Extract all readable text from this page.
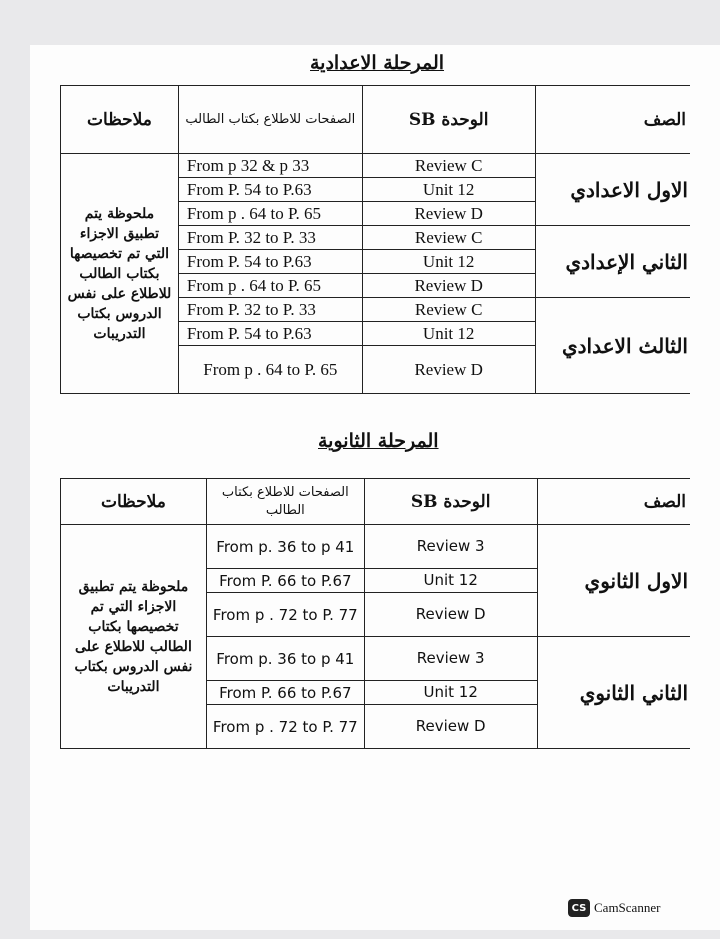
المرحلة الاعدادية
ملاحظات	الصفحات للاطلاع بكتاب الطالب	الوحدة SB	الصف
ملحوظة يتم تطبيق الاجزاء التي تم تخصيصها بكتاب الطالب للاطلاع على نفس الدروس بكتاب التدريبات	From p 32 & p 33	Review C	الاول الاعدادي
	From P. 54 to P.63	Unit 12	
	From p . 64 to P. 65	Review D	
	From P. 32 to P. 33	Review C	الثاني الإعدادي
	From P. 54 to P.63	Unit 12	
	From p . 64 to P. 65	Review D	
	From P. 32 to P. 33	Review C	الثالث الاعدادي
	From P. 54 to P.63	Unit 12	
	From p . 64 to P. 65	Review D	
المرحلة الثانوية
ملاحظات	الصفحات للاطلاع بكتاب الطالب	الوحدة SB	الصف
ملحوظة يتم تطبيق الاجزاء التي تم تخصيصها بكتاب الطالب للاطلاع على نفس الدروس بكتاب التدريبات	From p. 36 to p 41	Review 3	الاول الثانوي
	From P. 66 to P.67	Unit 12	
	From p . 72 to P. 77	Review D	
	From p. 36 to p 41	Review 3	الثاني الثانوي
	From P. 66 to P.67	Unit 12	
	From p . 72 to P. 77	Review D	
CS CamScanner
